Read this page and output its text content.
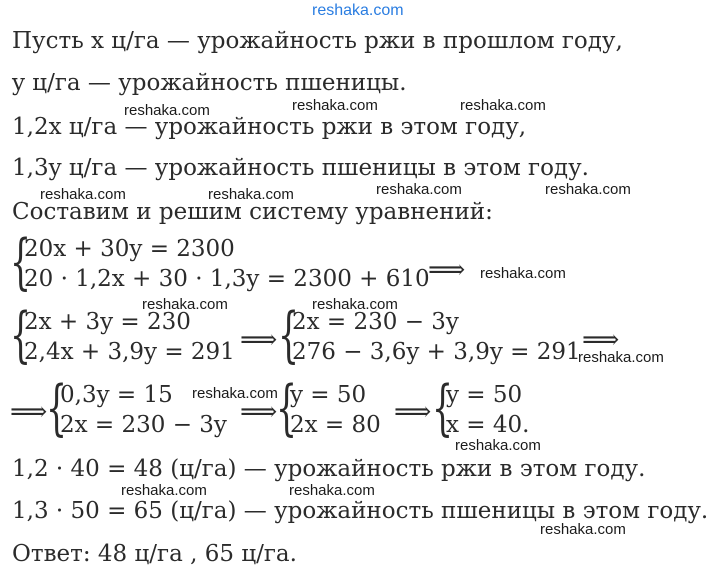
reshaka.com
reshaka.com	reshaka.com	reshaka.com
reshaka.com	reshaka.com	reshaka.com	reshaka.com
reshaka.com
reshaka.com	reshaka.com
reshaka.com
reshaka.com
reshaka.com
reshaka.com	reshaka.com
reshaka.com
Пусть x ц/га — урожайность ржи в прошлом году,
y ц/га — урожайность пшеницы.
1,2x ц/га — урожайность ржи в этом году,
1,3y ц/га — урожайность пшеницы в этом году.
Составим и решим систему уравнений:
{
20x + 30y = 2300
20 · 1,2x + 30 · 1,3y = 2300 + 610
⟹
{
2x + 3y = 230
2,4x + 3,9y = 291 ⟹ {
2x = 230 − 3y
276 − 3,6y + 3,9y = 291 ⟹
⟹
{
0,3y = 15
2x = 230 − 3y ⟹
{
y = 50
2x = 80 ⟹ {
y = 50
x = 40.
1,2 · 40 = 48 (ц/га) — урожайность ржи в этом году.
1,3 · 50 = 65 (ц/га) — урожайность пшеницы в этом году.
Ответ: 48 ц/га , 65 ц/га.
